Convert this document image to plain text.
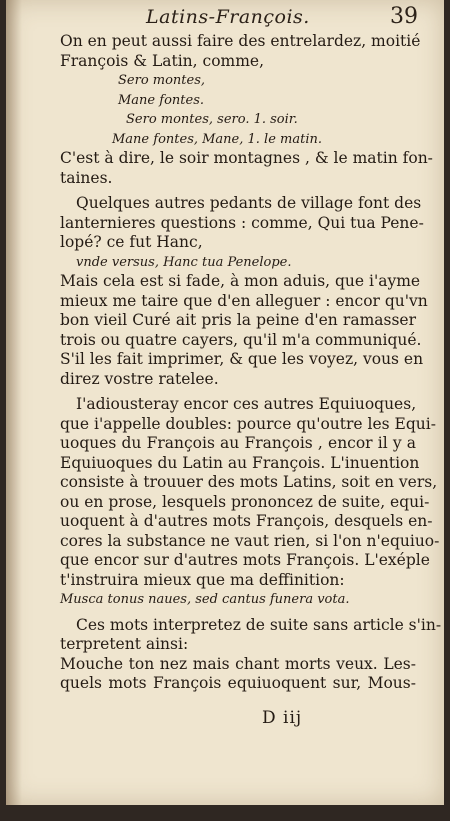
Latins-François.	39
On en peut aussi faire des entrelardez, moitié
François & Latin, comme,
Sero montes,
Mane fontes.
Sero montes, sero. 1. soir.
Mane fontes, Mane, 1. le matin.
C'est à dire, le soir montagnes , & le matin fon-
taines.
Quelques autres pedants de village font des
lanternieres questions : comme, Qui tua Pene-
lopé? ce fut Hanc,
vnde versus, Hanc tua Penelope.
Mais cela est si fade, à mon aduis, que i'ayme
mieux me taire que d'en alleguer : encor qu'vn
bon vieil Curé ait pris la peine d'en ramasser
trois ou quatre cayers, qu'il m'a communiqué.
S'il les fait imprimer, & que les voyez, vous en
direz vostre ratelee.
I'adiousteray encor ces autres Equiuoques,
que i'appelle doubles: pource qu'outre les Equi-
uoques du François au François , encor il y a
Equiuoques du Latin au François. L'inuention
consiste à trouuer des mots Latins, soit en vers,
ou en prose, lesquels prononcez de suite, equi-
uoquent à d'autres mots François, desquels en-
cores la substance ne vaut rien, si l'on n'equiuo-
que encor sur d'autres mots François. L'exéple
t'instruira mieux que ma deffinition:
Musca tonus naues, sed cantus funera vota.
Ces mots interpretez de suite sans article s'in-
terpretent ainsi:
Mouche ton nez mais chant morts veux. Les-
quels mots François equiuoquent sur, Mous-
D iij
